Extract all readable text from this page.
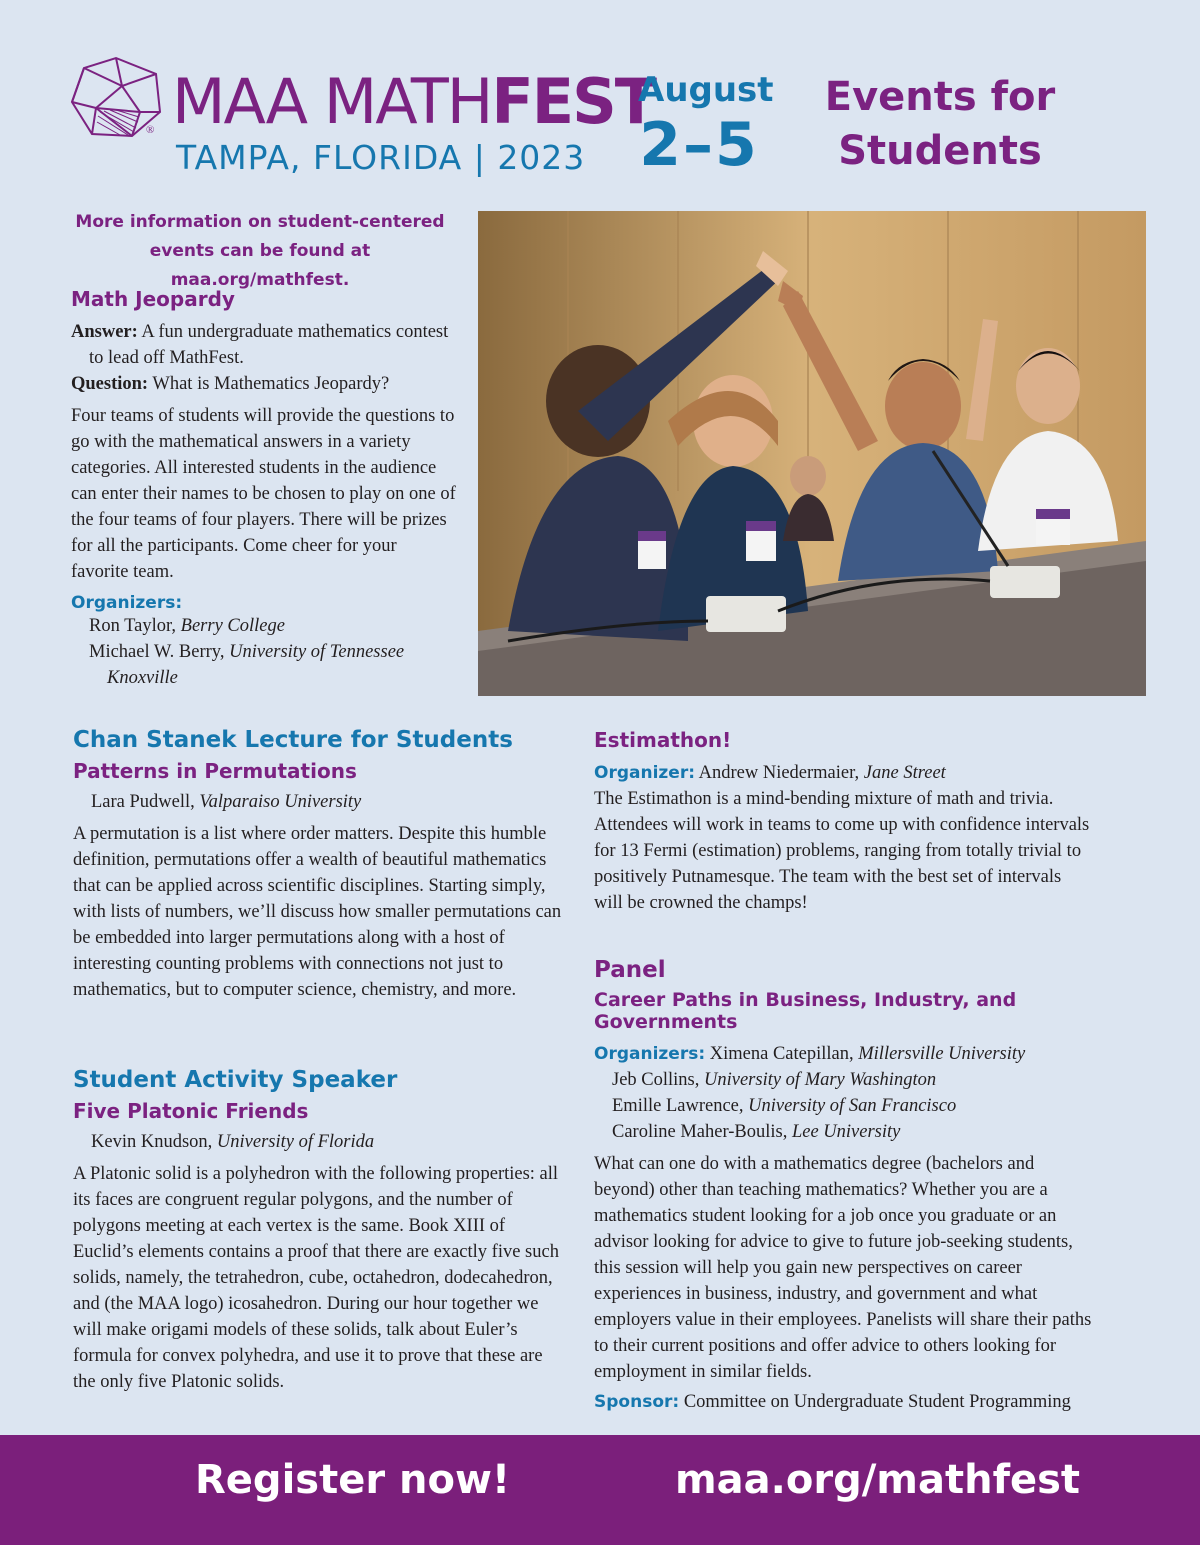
® MAA MATHFEST
TAMPA, FLORIDA | 2023
August
2–5
Events for
Students
More information on student-centered
events can be found at maa.org/mathfest.
Math Jeopardy
Answer: A fun undergraduate mathematics contest to lead off MathFest.
Question: What is Mathematics Jeopardy?
Four teams of students will provide the questions to go with the mathematical answers in a variety categories. All interested students in the audience can enter their names to be chosen to play on one of the four teams of four players. There will be prizes for all the participants. Come cheer for your favorite team.
Organizers:
Ron Taylor, Berry College
Michael W. Berry, University of Tennessee
Knoxville
Chan Stanek Lecture for Students
Patterns in Permutations
Lara Pudwell, Valparaiso University
A permutation is a list where order matters. Despite this humble definition, permutations offer a wealth of beautiful mathematics that can be applied across scientific disciplines. Starting simply, with lists of numbers, we’ll discuss how smaller permutations can be embedded into larger permutations along with a host of interesting counting problems with connections not just to mathematics, but to computer science, chemistry, and more.
Student Activity Speaker
Five Platonic Friends
Kevin Knudson, University of Florida
A Platonic solid is a polyhedron with the following properties: all its faces are congruent regular polygons, and the number of polygons meeting at each vertex is the same. Book XIII of Euclid’s elements contains a proof that there are exactly five such solids, namely, the tetrahedron, cube, octahedron, dodecahedron, and (the MAA logo) icosahedron. During our hour together we will make origami models of these solids, talk about Euler’s formula for convex polyhedra, and use it to prove that these are the only five Platonic solids.
Estimathon!
Organizer: Andrew Niedermaier, Jane Street
The Estimathon is a mind-bending mixture of math and trivia. Attendees will work in teams to come up with confidence intervals for 13 Fermi (estimation) problems, ranging from totally trivial to positively Putnamesque. The team with the best set of intervals will be crowned the champs!
Panel
Career Paths in Business, Industry, and Governments
Organizers: Ximena Catepillan, Millersville University
Jeb Collins, University of Mary Washington
Emille Lawrence, University of San Francisco
Caroline Maher-Boulis, Lee University
What can one do with a mathematics degree (bachelors and beyond) other than teaching mathematics? Whether you are a mathematics student looking for a job once you graduate or an advisor looking for advice to give to future job-seeking students, this session will help you gain new perspectives on career experiences in business, industry, and government and what employers value in their employees. Panelists will share their paths to their current positions and offer advice to others looking for employment in similar fields.
Sponsor: Committee on Undergraduate Student Programming
Register now!	maa.org/mathfest
